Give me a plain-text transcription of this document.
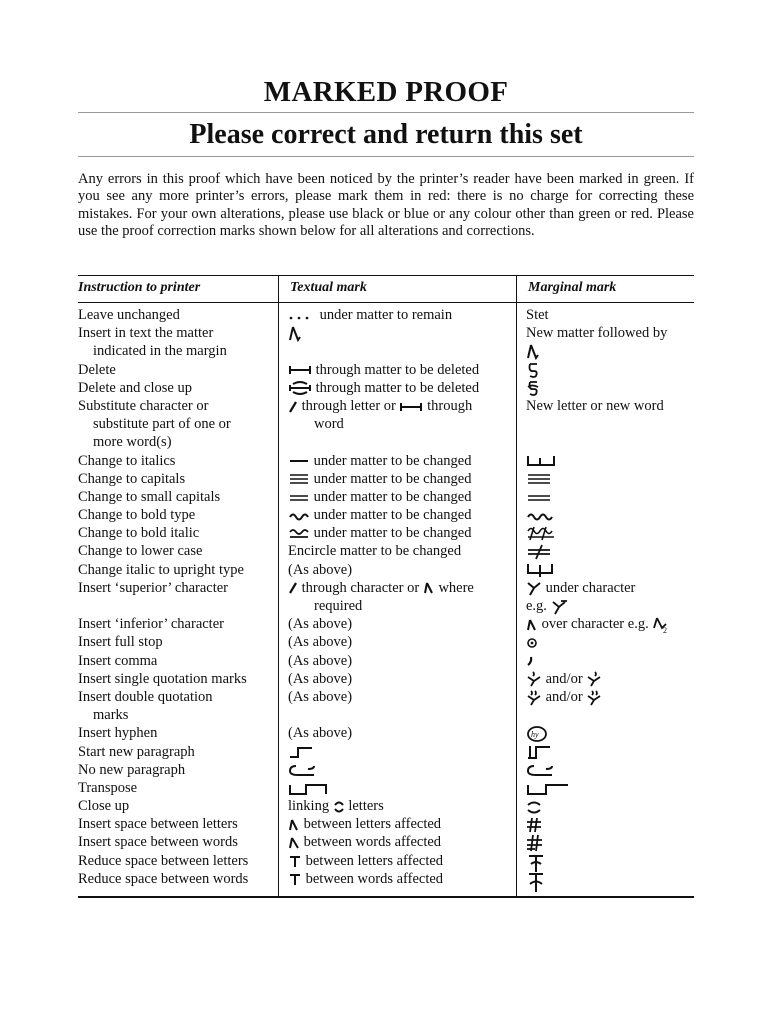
MARKED PROOF
Please correct and return this set
Any errors in this proof which have been noticed by the printer’s reader have been marked in green. If you see any more printer’s errors, please mark them in red: there is no charge for correcting these mistakes. For your own alterations, please use black or blue or any colour other than green or red. Please use the proof correction marks shown below for all alterations and corrections.
Instruction to printer	Textual mark	Marginal mark
Leave unchanged
Insert in text the matter
indicated in the margin
Delete
Delete and close up
Substitute character or
substitute part of one or
more word(s)
Change to italics
Change to capitals
Change to small capitals
Change to bold type
Change to bold italic
Change to lower case
Change italic to upright type
Insert ‘superior’ character
Insert ‘inferior’ character
Insert full stop
Insert comma
Insert single quotation marks
Insert double quotation
marks
Insert hyphen
Start new paragraph
No new paragraph
Transpose
Close up
Insert space between letters
Insert space between words
Reduce space between letters
Reduce space between words
under matter to remain
through matter to be deleted
through matter to be deleted
through letter or through
word
under matter to be changed
under matter to be changed
under matter to be changed
under matter to be changed
under matter to be changed
Encircle matter to be changed
(As above)
through character or where
required
(As above)
(As above)
(As above)
(As above)
(As above)
(As above)
linking letters
between letters affected
between words affected
between letters affected
between words affected
Stet
New matter followed by
New letter or new word
under character
e.g.
over character e.g. 2
and/or
and/or
hy
